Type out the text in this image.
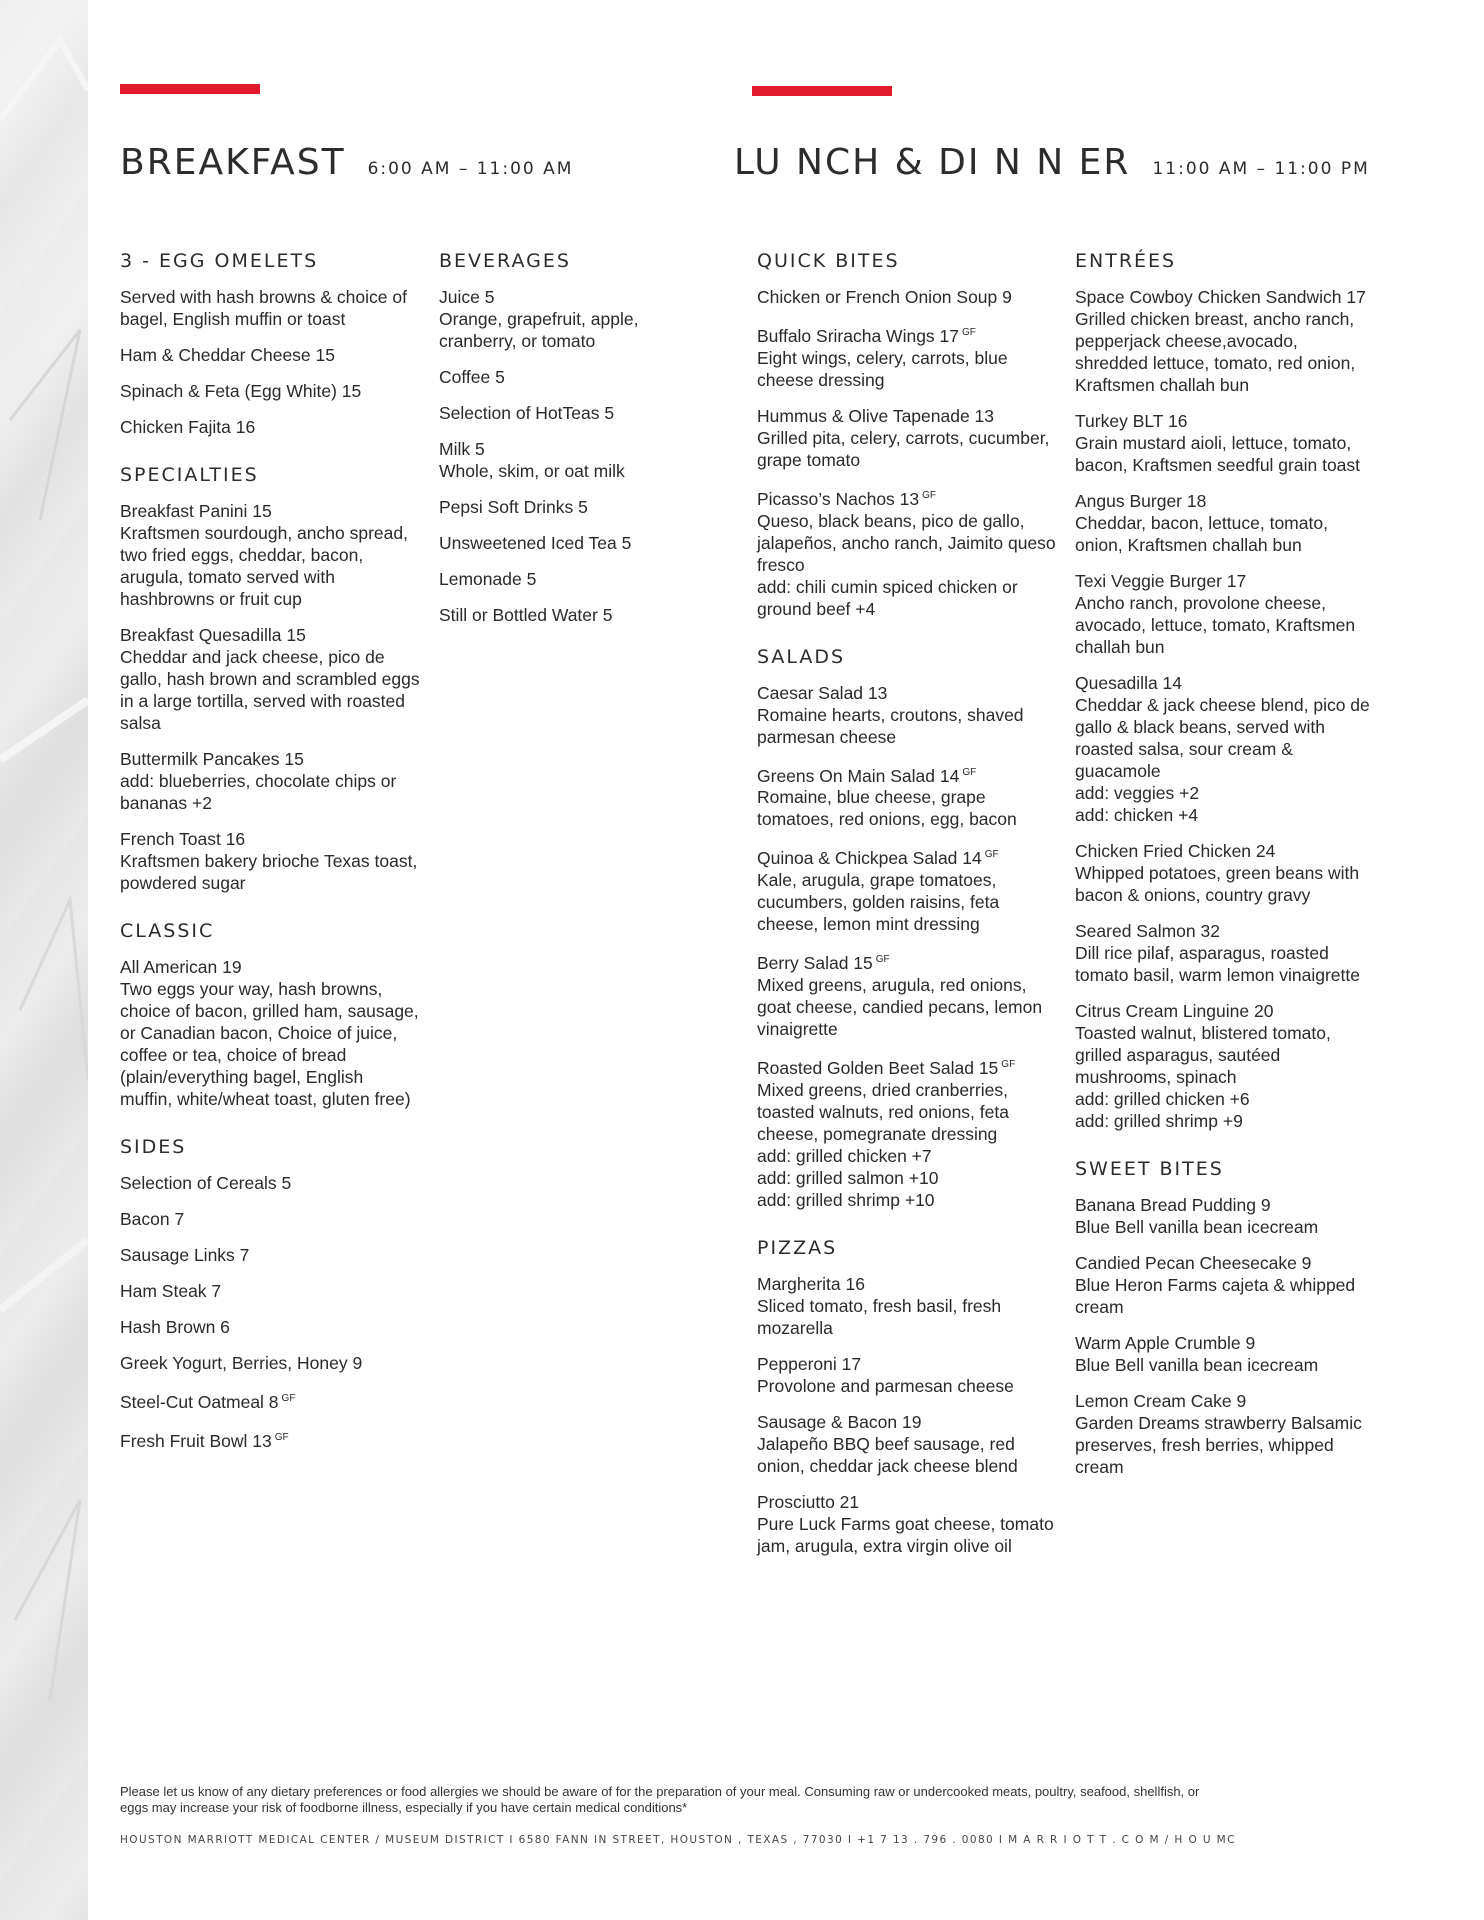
BREAKFAST 6:00 AM – 11:00 AM	LU NCH & DI N N ER 11:00 AM – 11:00 PM
3 - EGG OMELETS
Served with hash browns & choice of bagel, English muffin or toast
Ham & Cheddar Cheese 15
Spinach & Feta (Egg White) 15
Chicken Fajita 16
SPECIALTIES
Breakfast Panini 15
Kraftsmen sourdough, ancho spread, two fried eggs, cheddar, bacon, arugula, tomato served with hashbrowns or fruit cup
Breakfast Quesadilla 15
Cheddar and jack cheese, pico de gallo, hash brown and scrambled eggs in a large tortilla, served with roasted salsa
Buttermilk Pancakes 15
add: blueberries, chocolate chips or bananas +2
French Toast 16
Kraftsmen bakery brioche Texas toast, powdered sugar
CLASSIC
All American 19
Two eggs your way, hash browns, choice of bacon, grilled ham, sausage, or Canadian bacon, Choice of juice, coffee or tea, choice of bread (plain/everything bagel, English muffin, white/wheat toast, gluten free)
SIDES
Selection of Cereals 5
Bacon 7
Sausage Links 7
Ham Steak 7
Hash Brown 6
Greek Yogurt, Berries, Honey 9
Steel-Cut Oatmeal 8 $^{GF}$
Fresh Fruit Bowl 13 $^{GF}$
BEVERAGES
Juice 5
Orange, grapefruit, apple, cranberry, or tomato
Coffee 5
Selection of HotTeas 5
Milk 5
Whole, skim, or oat milk
Pepsi Soft Drinks 5
Unsweetened Iced Tea 5
Lemonade 5
Still or Bottled Water 5
QUICK BITES
Chicken or French Onion Soup 9
Buffalo Sriracha Wings 17 $^{GF}$
Eight wings, celery, carrots, blue cheese dressing
Hummus & Olive Tapenade 13
Grilled pita, celery, carrots, cucumber, grape tomato
Picasso’s Nachos 13 $^{GF}$
Queso, black beans, pico de gallo, jalapeños, ancho ranch, Jaimito queso fresco
add: chili cumin spiced chicken or ground beef +4
SALADS
Caesar Salad 13
Romaine hearts, croutons, shaved parmesan cheese
Greens On Main Salad 14 $^{GF}$
Romaine, blue cheese, grape tomatoes, red onions, egg, bacon
Quinoa & Chickpea Salad 14 $^{GF}$
Kale, arugula, grape tomatoes, cucumbers, golden raisins, feta cheese, lemon mint dressing
Berry Salad 15 $^{GF}$
Mixed greens, arugula, red onions, goat cheese, candied pecans, lemon vinaigrette
Roasted Golden Beet Salad 15 $^{GF}$
Mixed greens, dried cranberries, toasted walnuts, red onions, feta cheese, pomegranate dressing
add: grilled chicken +7
add: grilled salmon +10
add: grilled shrimp +10
PIZZAS
Margherita 16
Sliced tomato, fresh basil, fresh mozarella
Pepperoni 17
Provolone and parmesan cheese
Sausage & Bacon 19
Jalapeño BBQ beef sausage, red onion, cheddar jack cheese blend
Prosciutto 21
Pure Luck Farms goat cheese, tomato jam, arugula, extra virgin olive oil
ENTRÉES
Space Cowboy Chicken Sandwich 17
Grilled chicken breast, ancho ranch, pepperjack cheese,avocado, shredded lettuce, tomato, red onion, Kraftsmen challah bun
Turkey BLT 16
Grain mustard aioli, lettuce, tomato, bacon, Kraftsmen seedful grain toast
Angus Burger 18
Cheddar, bacon, lettuce, tomato, onion, Kraftsmen challah bun
Texi Veggie Burger 17
Ancho ranch, provolone cheese, avocado, lettuce, tomato, Kraftsmen challah bun
Quesadilla 14
Cheddar & jack cheese blend, pico de gallo & black beans, served with roasted salsa, sour cream & guacamole
add: veggies +2
add: chicken +4
Chicken Fried Chicken 24
Whipped potatoes, green beans with bacon & onions, country gravy
Seared Salmon 32
Dill rice pilaf, asparagus, roasted tomato basil, warm lemon vinaigrette
Citrus Cream Linguine 20
Toasted walnut, blistered tomato, grilled asparagus, sautéed mushrooms, spinach
add: grilled chicken +6
add: grilled shrimp +9
SWEET BITES
Banana Bread Pudding 9
Blue Bell vanilla bean icecream
Candied Pecan Cheesecake 9
Blue Heron Farms cajeta & whipped cream
Warm Apple Crumble 9
Blue Bell vanilla bean icecream
Lemon Cream Cake 9
Garden Dreams strawberry Balsamic preserves, fresh berries, whipped cream
Please let us know of any dietary preferences or food allergies we should be aware of for the preparation of your meal. Consuming raw or undercooked meats, poultry, seafood, shellfish, or eggs may increase your risk of foodborne illness, especially if you have certain medical conditions*
HOUSTON MARRIOTT MEDICAL CENTER / MUSEUM DISTRICT I 6580 FANN IN STREET, HOUSTON , TEXAS , 77030 I +1 7 13 . 796 . 0080 I M A R R I O T T . C O M / H O U MC
